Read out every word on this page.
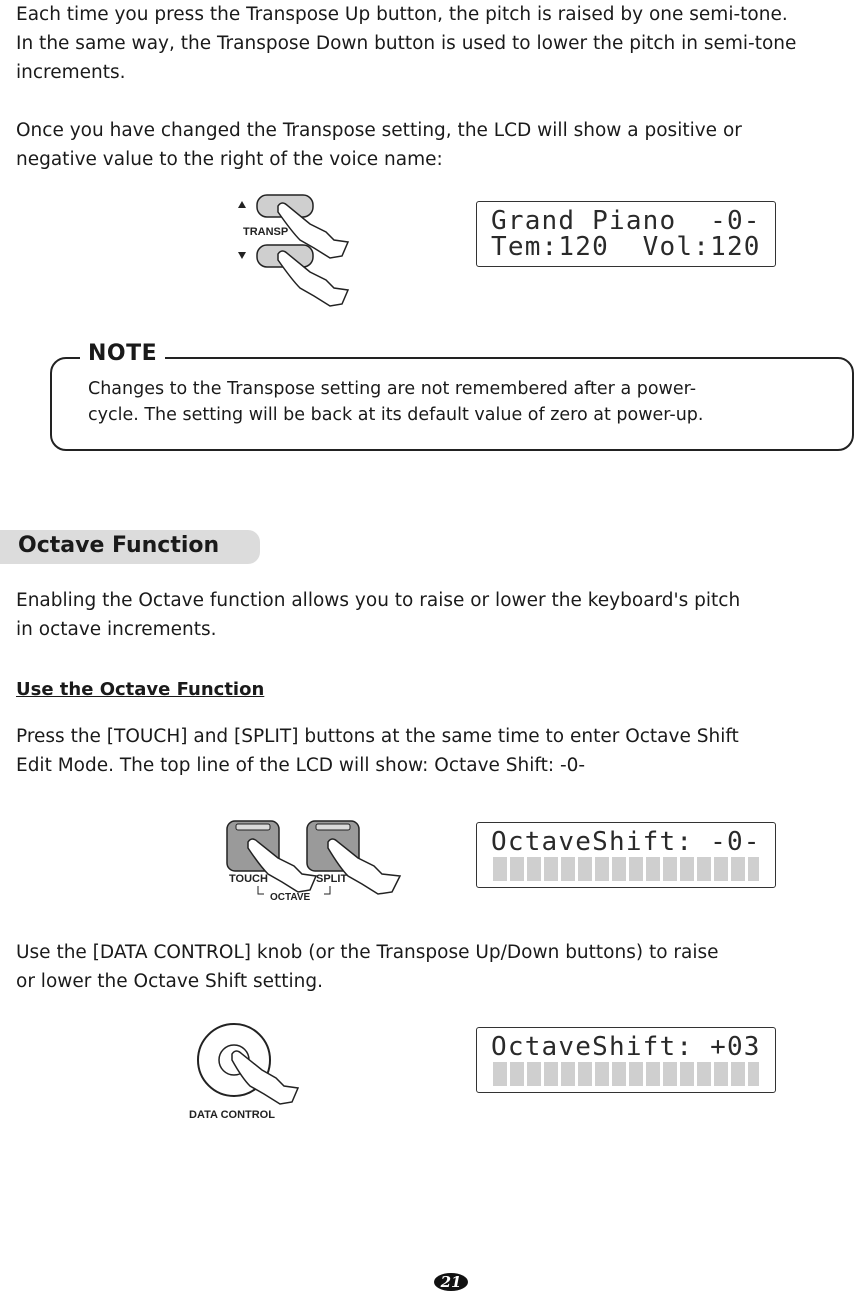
Each time you press the Transpose Up button, the pitch is raised by one semi-tone.

In the same way, the Transpose Down button is used to lower the pitch in semi-tone

increments.

Once you have changed the Transpose setting, the LCD will show a positive or

negative value to the right of the voice name:

TRANSP	Grand Piano  -0-
Tem:120  Vol:120
NOTE

Changes to the Transpose setting are not remembered after a power-

cycle. The setting will be back at its default value of zero at power-up.

Octave Function

Enabling the Octave function allows you to raise or lower the keyboard's pitch

in octave increments.

Use the Octave Function

Press the [TOUCH] and [SPLIT] buttons at the same time to enter Octave Shift

Edit Mode. The top line of the LCD will show: Octave Shift: -0-

TOUCH	SPLIT
OCTAVE
OctaveShift: -0-

Use the [DATA CONTROL] knob (or the Transpose Up/Down buttons) to raise

or lower the Octave Shift setting.

DATA CONTROL
OctaveShift: +03
21
